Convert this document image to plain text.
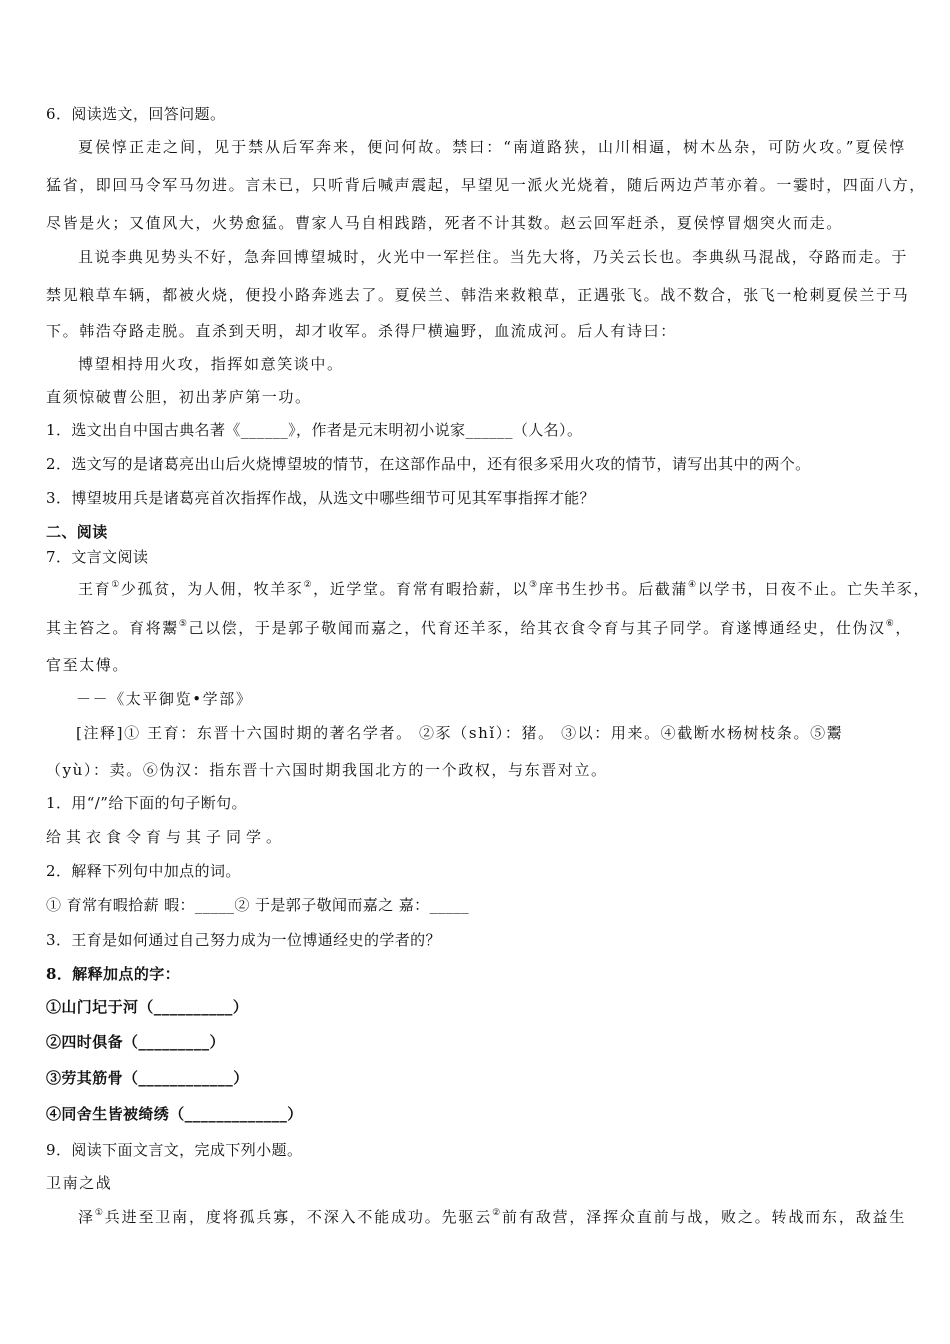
6．阅读选文，回答问题。
夏侯惇正走之间，见于禁从后军奔来，便问何故。禁曰：“南道路狭，山川相逼，树木丛杂，可防火攻。”夏侯惇
猛省，即回马令军马勿进。言未已，只听背后喊声震起，早望见一派火光烧着，随后两边芦苇亦着。一霎时，四面八方，
尽皆是火；又值风大，火势愈猛。曹家人马自相践踏，死者不计其数。赵云回军赶杀，夏侯惇冒烟突火而走。
且说李典见势头不好，急奔回博望城时，火光中一军拦住。当先大将，乃关云长也。李典纵马混战，夺路而走。于
禁见粮草车辆，都被火烧，便投小路奔逃去了。夏侯兰、韩浩来救粮草，正遇张飞。战不数合，张飞一枪刺夏侯兰于马
下。韩浩夺路走脱。直杀到天明，却才收军。杀得尸横遍野，血流成河。后人有诗曰：
博望相持用火攻，指挥如意笑谈中。
直须惊破曹公胆，初出茅庐第一功。
1．选文出自中国古典名著《______》，作者是元末明初小说家______（人名）。
2．选文写的是诸葛亮出山后火烧博望坡的情节，在这部作品中，还有很多采用火攻的情节，请写出其中的两个。
3．博望坡用兵是诸葛亮首次指挥作战，从选文中哪些细节可见其军事指挥才能？
二、阅读
7．文言文阅读
王育①少孤贫，为人佣，牧羊豕②，近学堂。育常有暇拾薪，以③庠书生抄书。后截蒲④以学书，日夜不止。亡失羊豕，
其主笞之。育将鬻⑤己以偿，于是郭子敬闻而嘉之，代育还羊豕，给其衣食令育与其子同学。育遂博通经史，仕伪汉⑥，
官至太傅。
－－《太平御览•学部》
[注释]① 王育：东晋十六国时期的著名学者。 ②豕（shǐ）：猪。 ③以：用来。④截断水杨树枝条。⑤鬻
（yù）：卖。⑥伪汉：指东晋十六国时期我国北方的一个政权，与东晋对立。
1．用“/”给下面的句子断句。
给其衣食令育与其子同学。
2．解释下列句中加点的词。
① 育常有暇拾薪 暇：_____② 于是郭子敬闻而嘉之 嘉：_____
3．王育是如何通过自己努力成为一位博通经史的学者的？
8．解释加点的字：
①山门圮于河（__________）
②四时俱备（_________）
③劳其筋骨（____________）
④同舍生皆被绮绣（_____________）
9．阅读下面文言文，完成下列小题。
卫南之战
泽①兵进至卫南，度将孤兵寡，不深入不能成功。先驱云②前有敌营，泽挥众直前与战，败之。转战而东，敌益生
